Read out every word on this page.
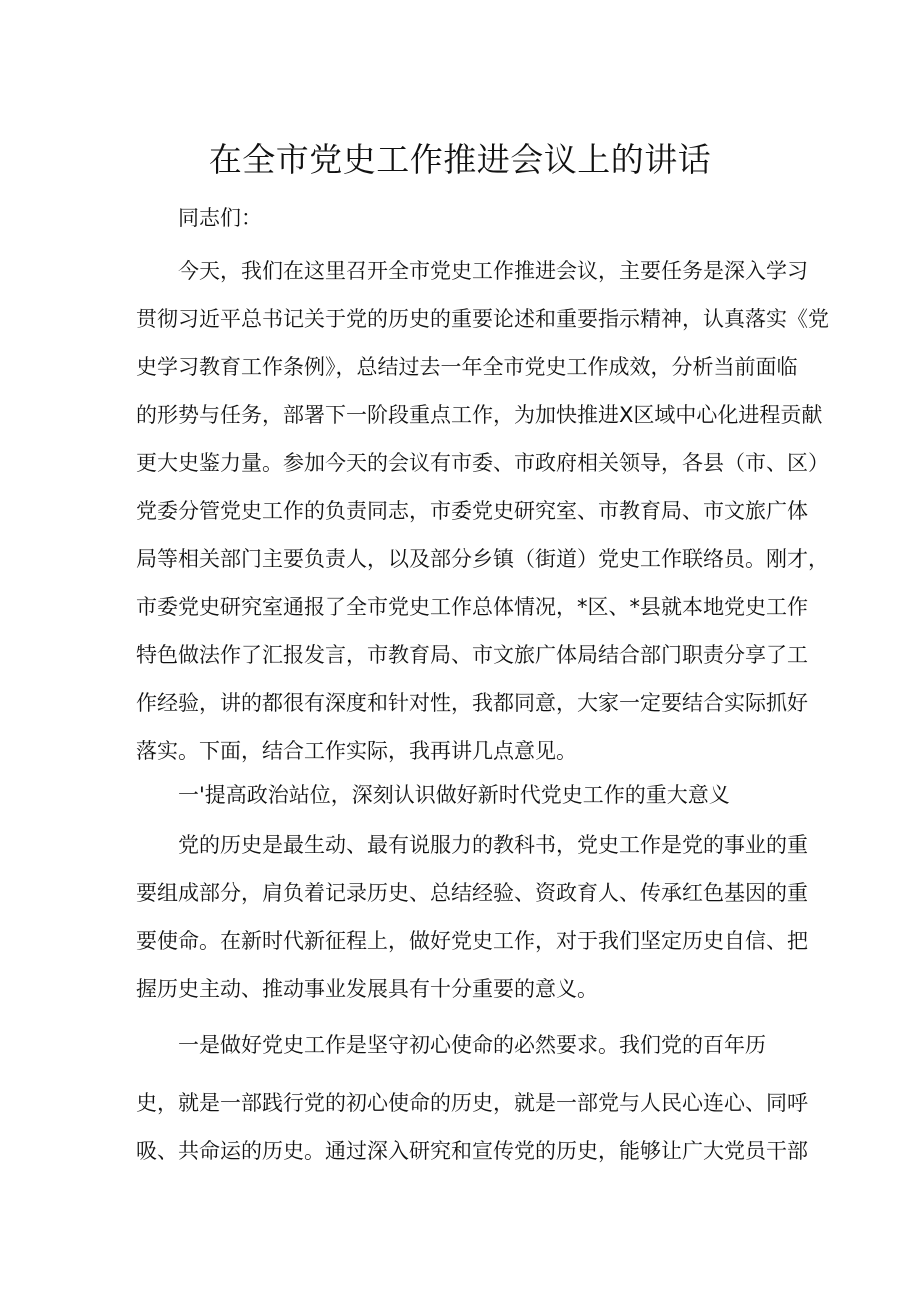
在全市党史工作推进会议上的讲话

同志们：

今天，我们在这里召开全市党史工作推进会议，主要任务是深入学习
贯彻习近平总书记关于党的历史的重要论述和重要指示精神，认真落实《党
史学习教育工作条例》，总结过去一年全市党史工作成效，分析当前面临
的形势与任务，部署下一阶段重点工作，为加快推进X区域中心化进程贡献
更大史鉴力量。参加今天的会议有市委、市政府相关领导，各县（市、区）
党委分管党史工作的负责同志，市委党史研究室、市教育局、市文旅广体
局等相关部门主要负责人，以及部分乡镇（街道）党史工作联络员。刚才，
市委党史研究室通报了全市党史工作总体情况，*区、*县就本地党史工作
特色做法作了汇报发言，市教育局、市文旅广体局结合部门职责分享了工
作经验，讲的都很有深度和针对性，我都同意，大家一定要结合实际抓好
落实。下面，结合工作实际，我再讲几点意见。

一'提高政治站位，深刻认识做好新时代党史工作的重大意义

党的历史是最生动、最有说服力的教科书，党史工作是党的事业的重
要组成部分，肩负着记录历史、总结经验、资政育人、传承红色基因的重
要使命。在新时代新征程上，做好党史工作，对于我们坚定历史自信、把
握历史主动、推动事业发展具有十分重要的意义。

一是做好党史工作是坚守初心使命的必然要求。我们党的百年历

史，就是一部践行党的初心使命的历史，就是一部党与人民心连心、同呼
吸、共命运的历史。通过深入研究和宣传党的历史，能够让广大党员干部
